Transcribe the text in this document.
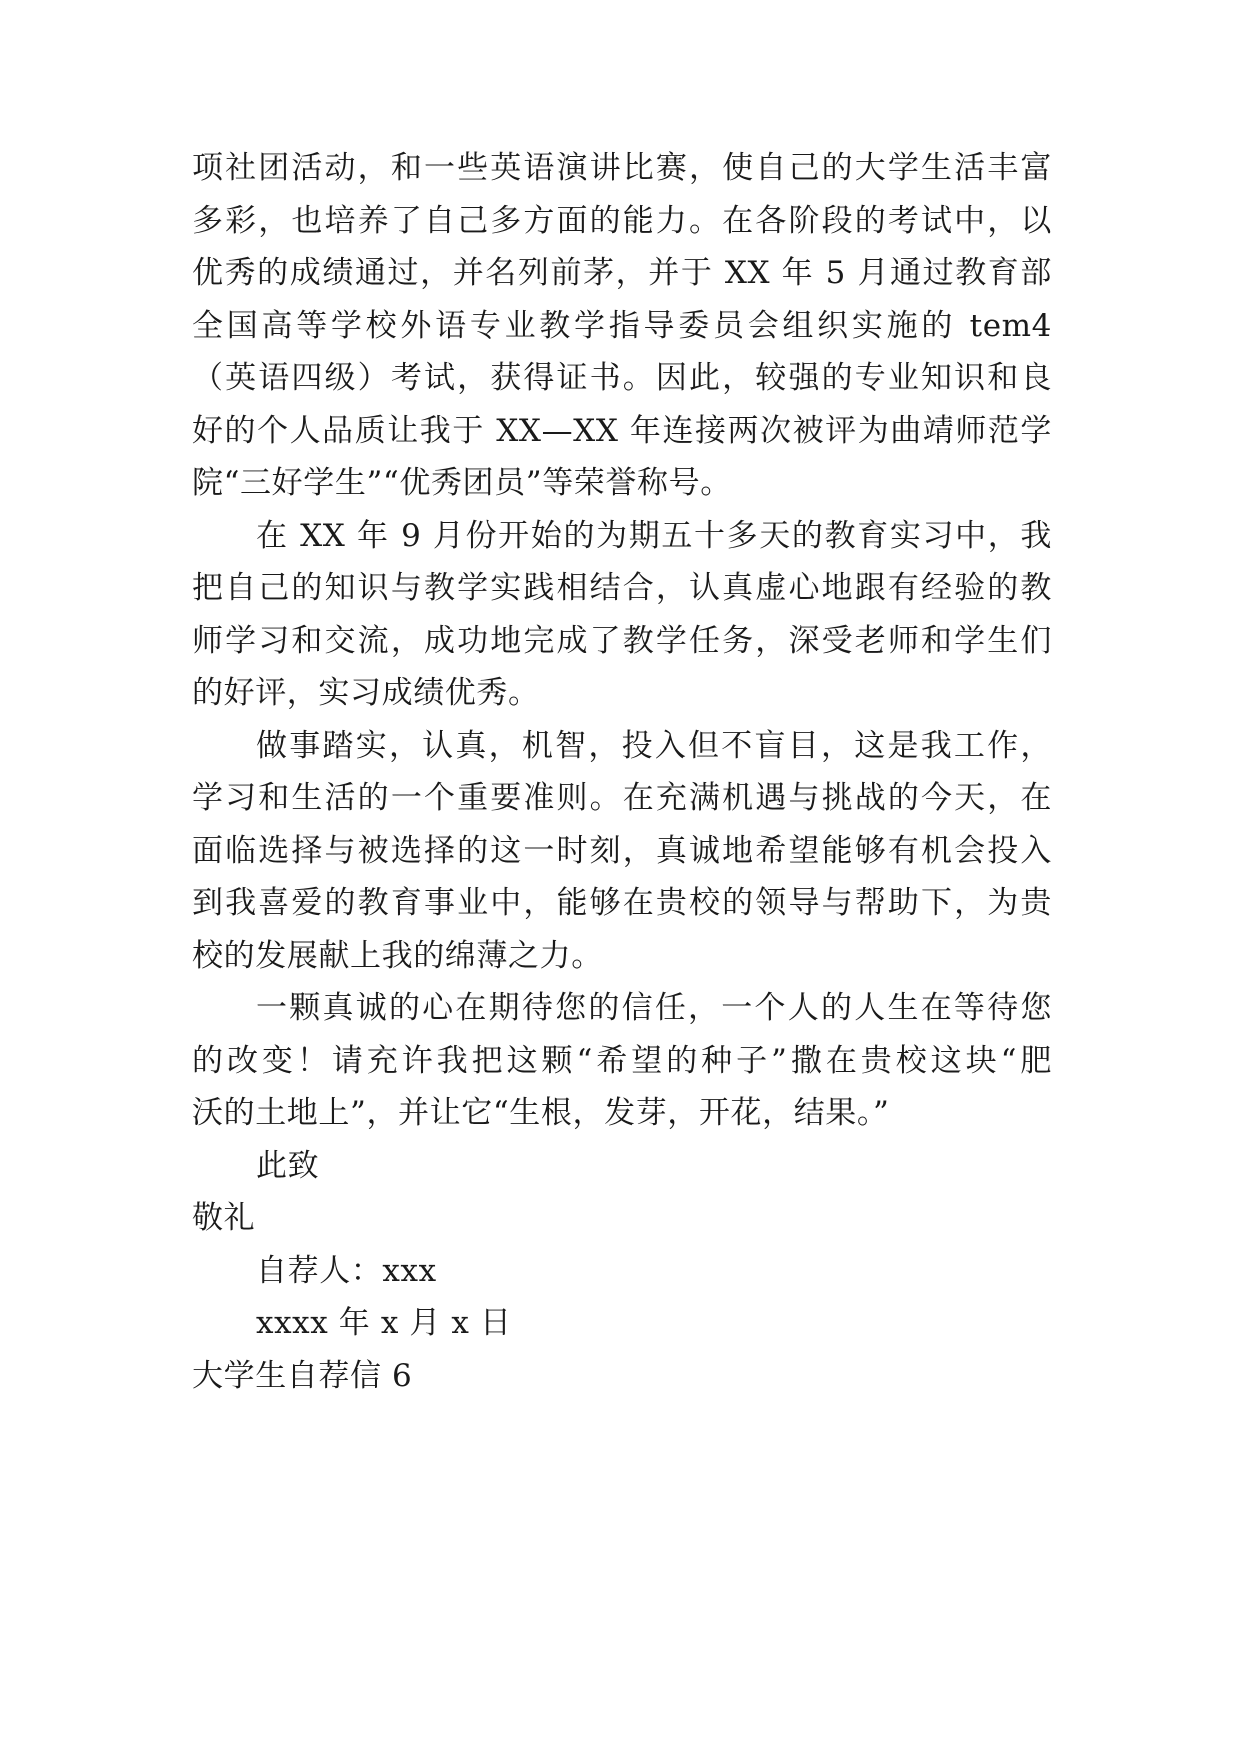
项社团活动，和一些英语演讲比赛，使自己的大学生活丰富
多彩，也培养了自己多方面的能力。在各阶段的考试中，以
优秀的成绩通过，并名列前茅，并于 XX 年 5 月通过教育部
全国高等学校外语专业教学指导委员会组织实施的 tem4
（英语四级）考试，获得证书。因此，较强的专业知识和良
好的个人品质让我于 XX—XX 年连接两次被评为曲靖师范学
院“三好学生”“优秀团员”等荣誉称号。
在 XX 年 9 月份开始的为期五十多天的教育实习中，我
把自己的知识与教学实践相结合，认真虚心地跟有经验的教
师学习和交流，成功地完成了教学任务，深受老师和学生们
的好评，实习成绩优秀。
做事踏实，认真，机智，投入但不盲目，这是我工作，
学习和生活的一个重要准则。在充满机遇与挑战的今天，在
面临选择与被选择的这一时刻，真诚地希望能够有机会投入
到我喜爱的教育事业中，能够在贵校的领导与帮助下，为贵
校的发展献上我的绵薄之力。
一颗真诚的心在期待您的信任，一个人的人生在等待您
的改变！请充许我把这颗“希望的种子”撒在贵校这块“肥
沃的土地上”，并让它“生根，发芽，开花，结果。”
此致
敬礼
自荐人：xxx
xxxx 年 x 月 x 日
大学生自荐信 6
